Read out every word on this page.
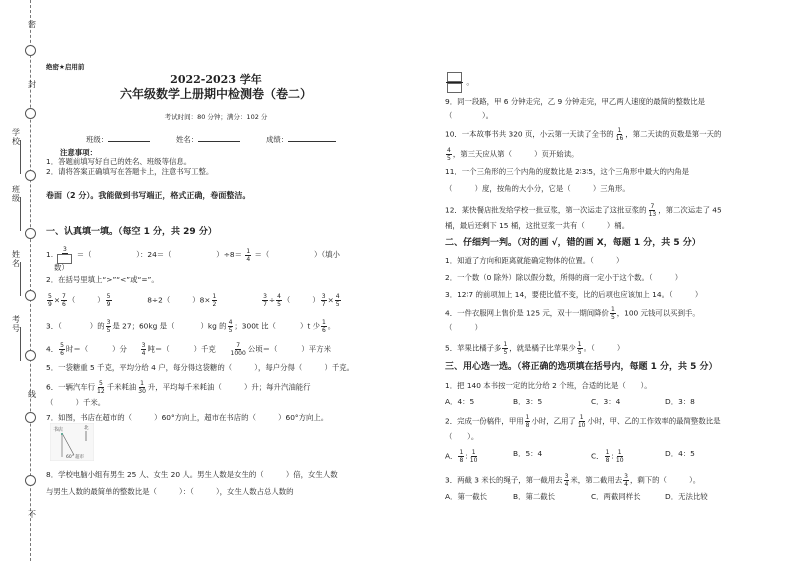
学校
班级
姓名
考号
密
封
线
不
绝密★启用前
2022-2023 学年
六年级数学上册期中检测卷（卷二）
考试时间：80 分钟；满分：102 分
班级：	姓名：	成绩：
注意事项：
1．答题前填写好自己的姓名、班级等信息。
2．请将答案正确填写在答题卡上，注意书写工整。
卷面（2 分）。我能做到书写端正，格式正确，卷面整洁。
一、认真填一填。（每空 1 分，共 29 分）
1.
3
＝（	）：24＝（	）$\div 8= \frac{1}{4}$ ＝（	）（填小
数）
2．在括号里填上“>”“<”或“=”。
$\frac{5}{9} \times \frac{7}{6}$ （	） $\frac{5}{9}$	8÷2（	）$8\times \frac{1}{2}$
	$\frac{3}{7} \div \frac{4}{5}$ （	） $\frac{3}{7} \times \frac{4}{5}$
3．（	）的 $\frac{3}{5}$ 是 27；60kg 是（	）kg 的 $\frac{4}{5}$ ；300t 比（	）t 少 $\frac{1}{6}$ 。
4． $\frac{5}{6}$ 时＝（	）分 $\frac{3}{4}$ 吨＝（	）千克 $\frac{7}{1000}$ 公顷＝（	）平方米
5．一袋糖重 5 千克，平均分给 4 户，每分得这袋糖的（　　　），每户分得（　　　）千克。
6．一辆汽车行 $\frac{5}{12}$ 千米耗油 $\frac{1}{30}$ 升，平均每千米耗油（　　　）升；每升汽油能行
（　　　）千米。
7．如图，书店在超市的（　　　）60°方向上，超市在书店的（　　　）60°方向上。
书店	北
60° 超市
8．学校电脑小组有男生 25 人、女生 20 人。男生人数是女生的（　　　）倍，女生人数
与男生人数的最简单的整数比是（　　　）：（　　　），女生人数占总人数的
。
9．同一段路，甲 6 分钟走完，乙 9 分钟走完，甲乙两人速度的最简的整数比是
（　　　　）。
10．一本故事书共 320 页，小云第一天读了全书的 $\frac{1}{16}$ ，第二天读的页数是第一天的
$\frac{4}{5}$ ，第三天应从第（　　　）页开始读。
11．一个三角形的三个内角的度数比是 2∶3∶5，这个三角形中最大的内角是
（　　　）度，按角的大小分，它是（　　　）三角形。
12．某快餐店批发给学校一批豆浆，第一次运走了这批豆浆的 $\frac{7}{13}$ ，第二次运走了 45
桶，最后还剩下 15 桶，这批豆浆一共有（　　　）桶。
二、仔细判一判。（对的画 √，错的画 X，每题 1 分，共 5 分）
1．知道了方向和距离就能确定物体的位置。（　　　）
2．一个数（0 除外）除以假分数，所得的商一定小于这个数。（　　　）
3．12∶7 的前项加上 14，要使比值不变，比的后项也应该加上 14。（　　　）
4．一件衣服网上售价是 125 元，双十一期间降价 $\frac{1}{5}$ ，100 元钱可以买到手。
（　　　）
5．苹果比橘子多 $\frac{1}{5}$ ，就是橘子比苹果少 $\frac{1}{5}$ 。（　　　）
三、用心选一选。（将正确的选项填在括号内，每题 1 分，共 5 分）
1．把 140 本书按一定的比分给 2 个班，合适的比是（　　）。
A．4：5	B．3：5	C．3：4	D．3：8
2．完成一份稿件，甲用 $\frac{1}{8}$ 小时，乙用了 $\frac{1}{10}$ 小时，甲、乙的工作效率的最简整数比是
（　　）。
A． $\frac{1}{8}$ : $\frac{1}{10}$	B．5：4	C． $\frac{1}{8}$ : $\frac{1}{10}$	D．4：5
3．两截 3 米长的绳子，第一截用去 $\frac{3}{4}$ 米，第二截用去 $\frac{3}{4}$ ，剩下的（　　　）。
A．第一截长	B．第二截长	C．两截同样长	D．无法比较
